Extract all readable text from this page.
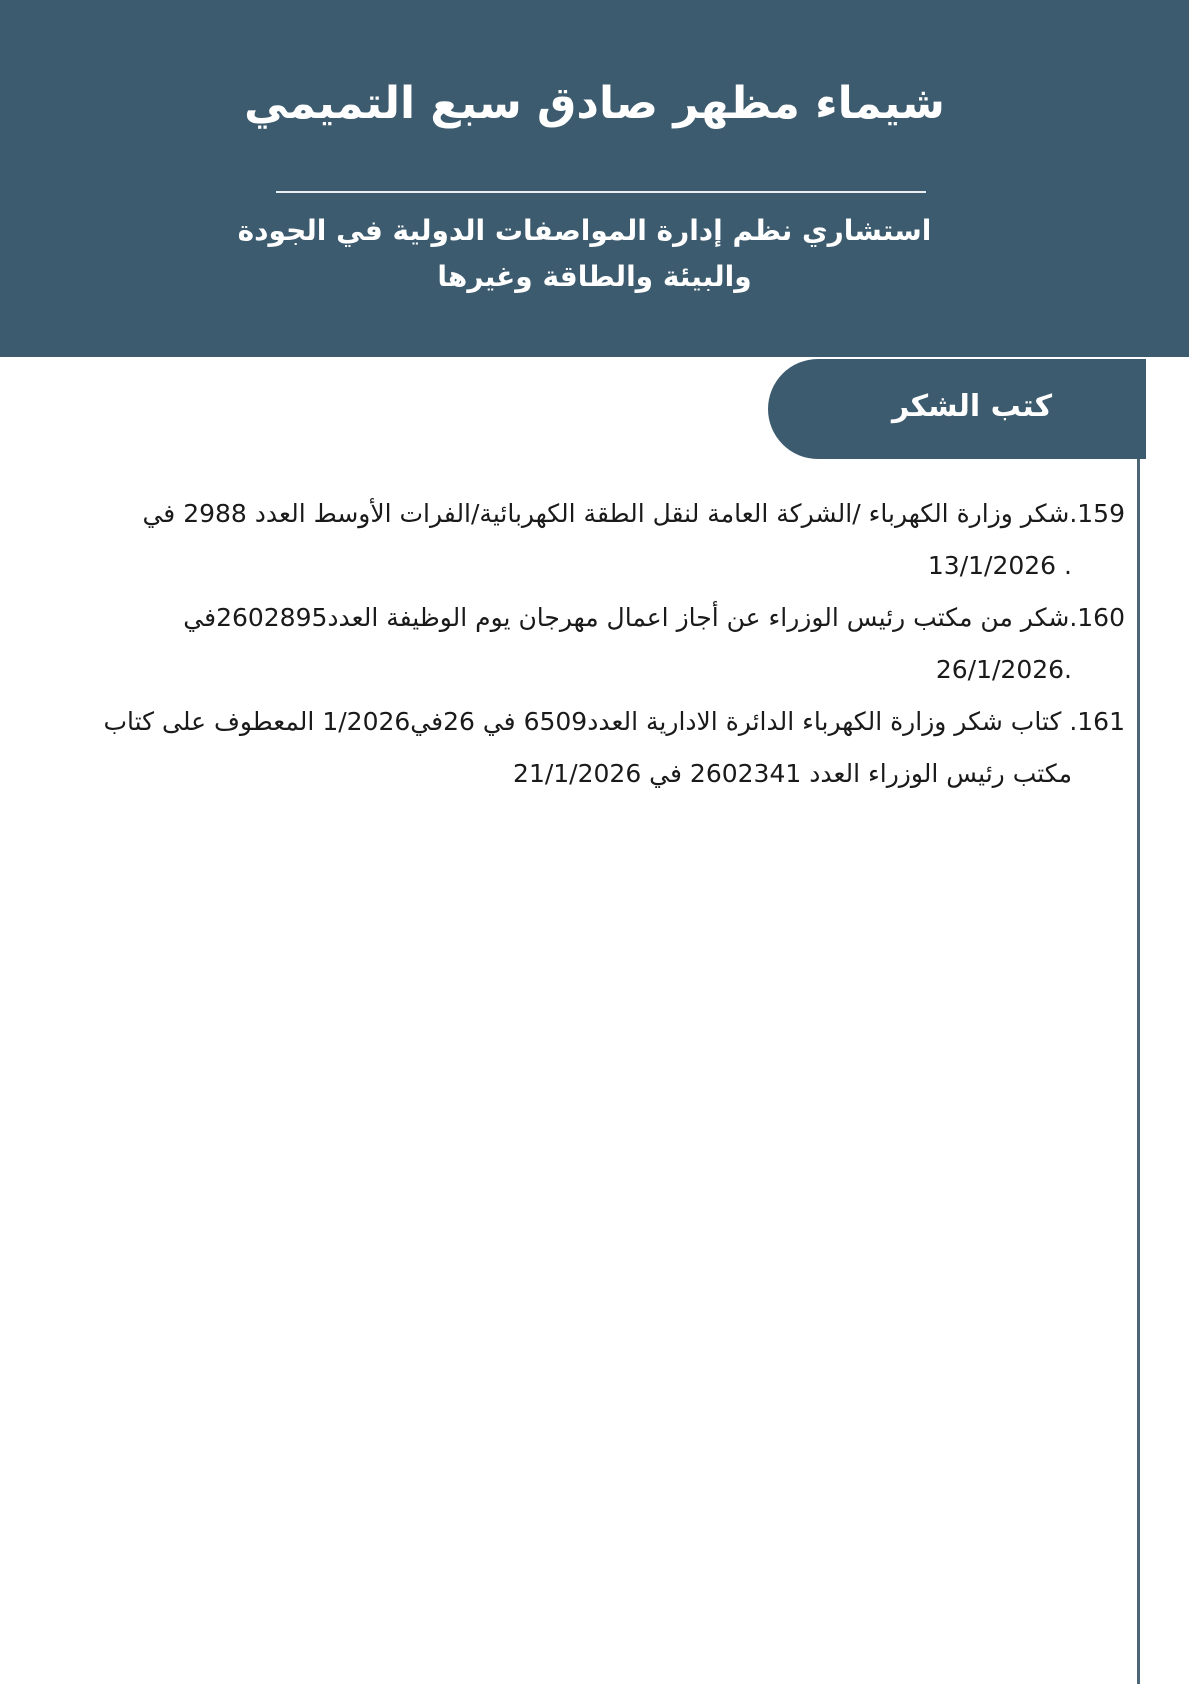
شيماء مظهر صادق سبع التميمي
استشاري نظم إدارة المواصفات الدولية في الجودة
والبيئة والطاقة وغيرها
كتب الشكر

159.شكر وزارة الكهرباء /الشركة العامة لنقل الطقة الكهربائية/الفرات الأوسط العدد 2988 في
. 13/1/2026

160.شكر من مكتب رئيس الوزراء عن أجاز اعمال مهرجان يوم الوظيفة العدد2602895في
.26/1/2026

161. كتاب شكر وزارة الكهرباء الدائرة الادارية العدد6509 في 26في1/2026 المعطوف على كتاب
مكتب رئيس الوزراء العدد 2602341 في 21/1/2026
